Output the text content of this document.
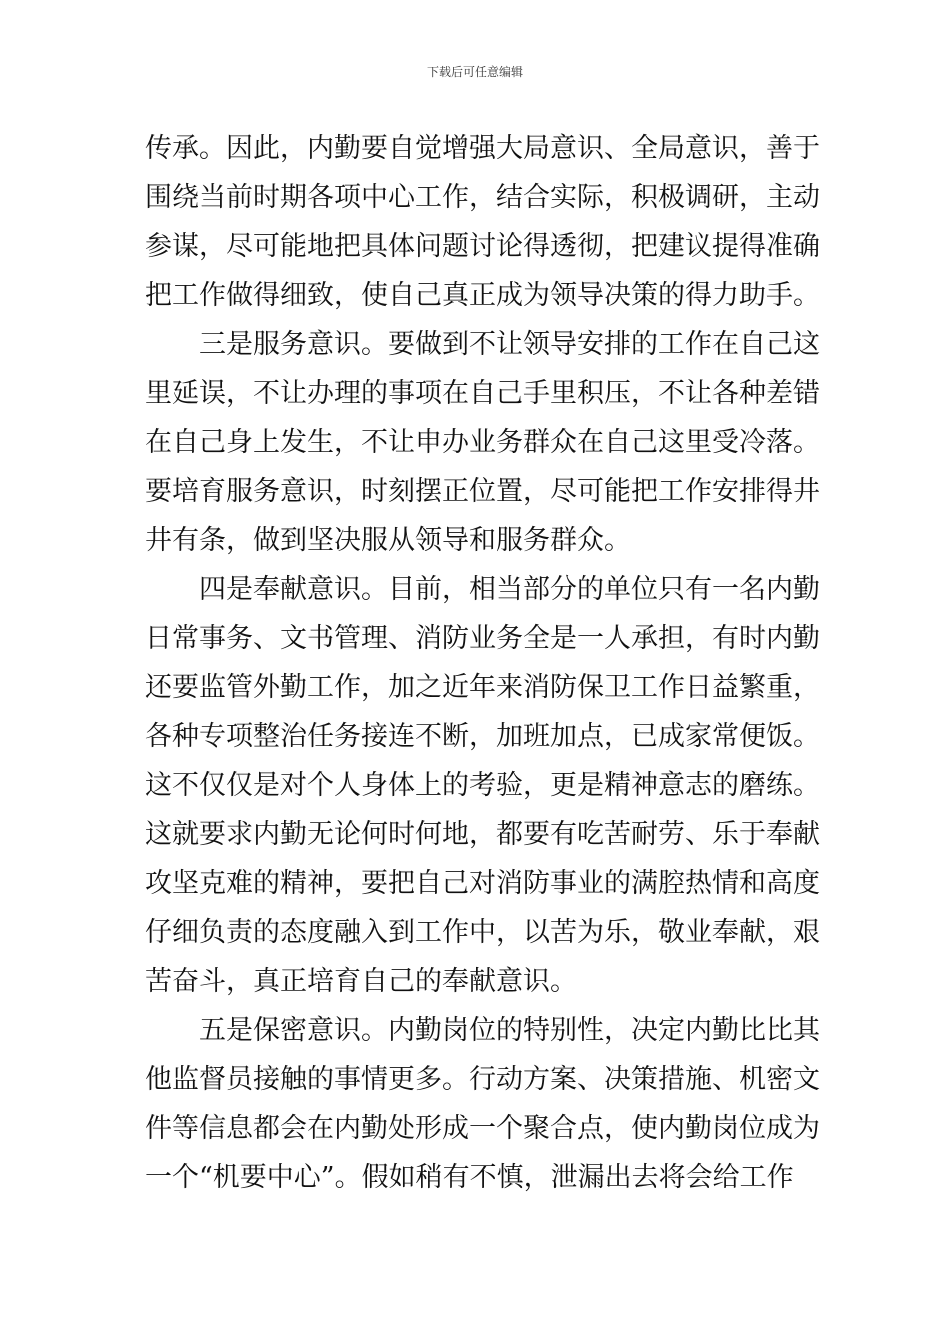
下载后可任意编辑
传承。因此，内勤要自觉增强大局意识、全局意识，善于
围绕当前时期各项中心工作，结合实际，积极调研，主动
参谋，尽可能地把具体问题讨论得透彻，把建议提得准确
把工作做得细致，使自己真正成为领导决策的得力助手。
三是服务意识。要做到不让领导安排的工作在自己这
里延误，不让办理的事项在自己手里积压，不让各种差错
在自己身上发生，不让申办业务群众在自己这里受冷落。
要培育服务意识，时刻摆正位置，尽可能把工作安排得井
井有条，做到坚决服从领导和服务群众。
四是奉献意识。目前，相当部分的单位只有一名内勤
日常事务、文书管理、消防业务全是一人承担，有时内勤
还要监管外勤工作，加之近年来消防保卫工作日益繁重，
各种专项整治任务接连不断，加班加点，已成家常便饭。
这不仅仅是对个人身体上的考验，更是精神意志的磨练。
这就要求内勤无论何时何地，都要有吃苦耐劳、乐于奉献
攻坚克难的精神，要把自己对消防事业的满腔热情和高度
仔细负责的态度融入到工作中，以苦为乐，敬业奉献，艰
苦奋斗，真正培育自己的奉献意识。
五是保密意识。内勤岗位的特别性，决定内勤比比其
他监督员接触的事情更多。行动方案、决策措施、机密文
件等信息都会在内勤处形成一个聚合点，使内勤岗位成为
一个“机要中心”。假如稍有不慎，泄漏出去将会给工作
